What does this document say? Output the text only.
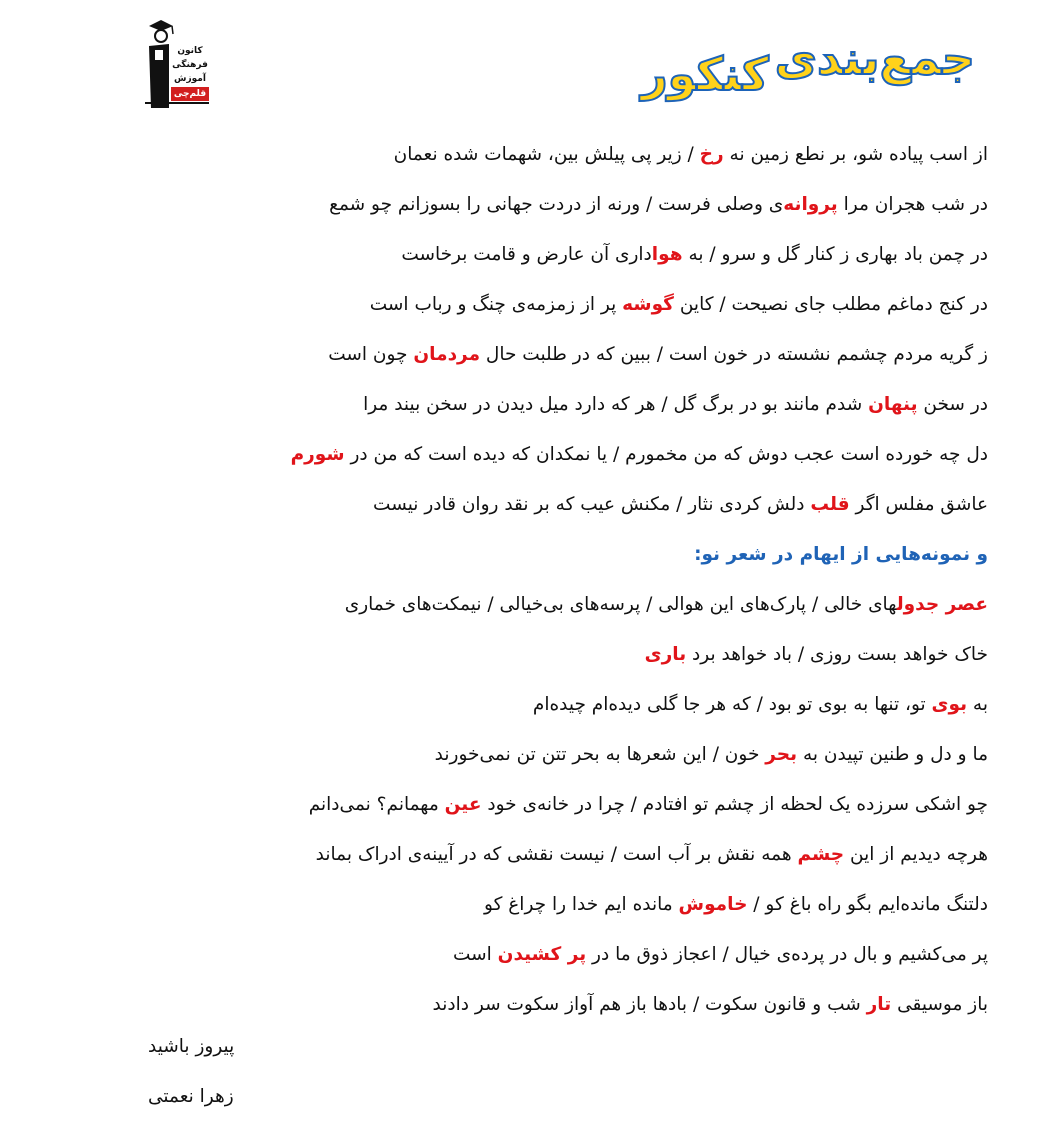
کانون
فرهنگی
آموزش
قلم‌چی
جمع‌بندیکنکور
از اسب پیاده شو، بر نطع زمین نه رخ / زیر پی پیلش بین، شهمات شده نعمان
در شب هجران مرا پروانه‌ی وصلی فرست / ورنه از دردت جهانی را بسوزانم چو شمع
در چمن باد بهاری ز کنار گل و سرو / به هواداری آن عارض و قامت برخاست
در کنج دماغم مطلب جای نصیحت / کاین گوشه پر از زمزمه‌ی چنگ و رباب است
ز گریه مردم چشمم نشسته در خون است / ببین که در طلبت حال مردمان چون است
در سخن پنهان شدم مانند بو در برگ گل / هر که دارد میل دیدن در سخن بیند مرا
دل چه خورده است عجب دوش که من مخمورم / یا نمکدان که دیده است که من در شورم
عاشق مفلس اگر قلب دلش کردی نثار / مکنش عیب که بر نقد روان قادر نیست
و نمونه‌هایی از ایهام در شعر نو:
عصر جدولهای خالی / پارک‌های این هوالی / پرسه‌های بی‌خیالی / نیمکت‌های خماری
خاک خواهد بست روزی / باد خواهد برد باری
به بوی تو، تنها به بوی تو بود / که هر جا گلی دیده‌ام چیده‌ام
ما و دل و طنین تپیدن به بحر خون / این شعرها به بحر تتن تن نمی‌خورند
چو اشکی سرزده یک لحظه از چشم تو افتادم / چرا در خانه‌ی خود عین مهمانم؟ نمی‌دانم
هرچه دیدیم از این چشم همه نقش بر آب است / نیست نقشی که در آیینه‌ی ادراک بماند
دلتنگ مانده‌ایم بگو راه باغ کو / خاموش مانده ایم خدا را چراغ کو
پر می‌کشیم و بال در پرده‌ی خیال / اعجاز ذوق ما در پر کشیدن است
باز موسیقی تار شب و قانون سکوت / بادها باز هم آواز سکوت سر دادند
پیروز باشید
زهرا نعمتی
